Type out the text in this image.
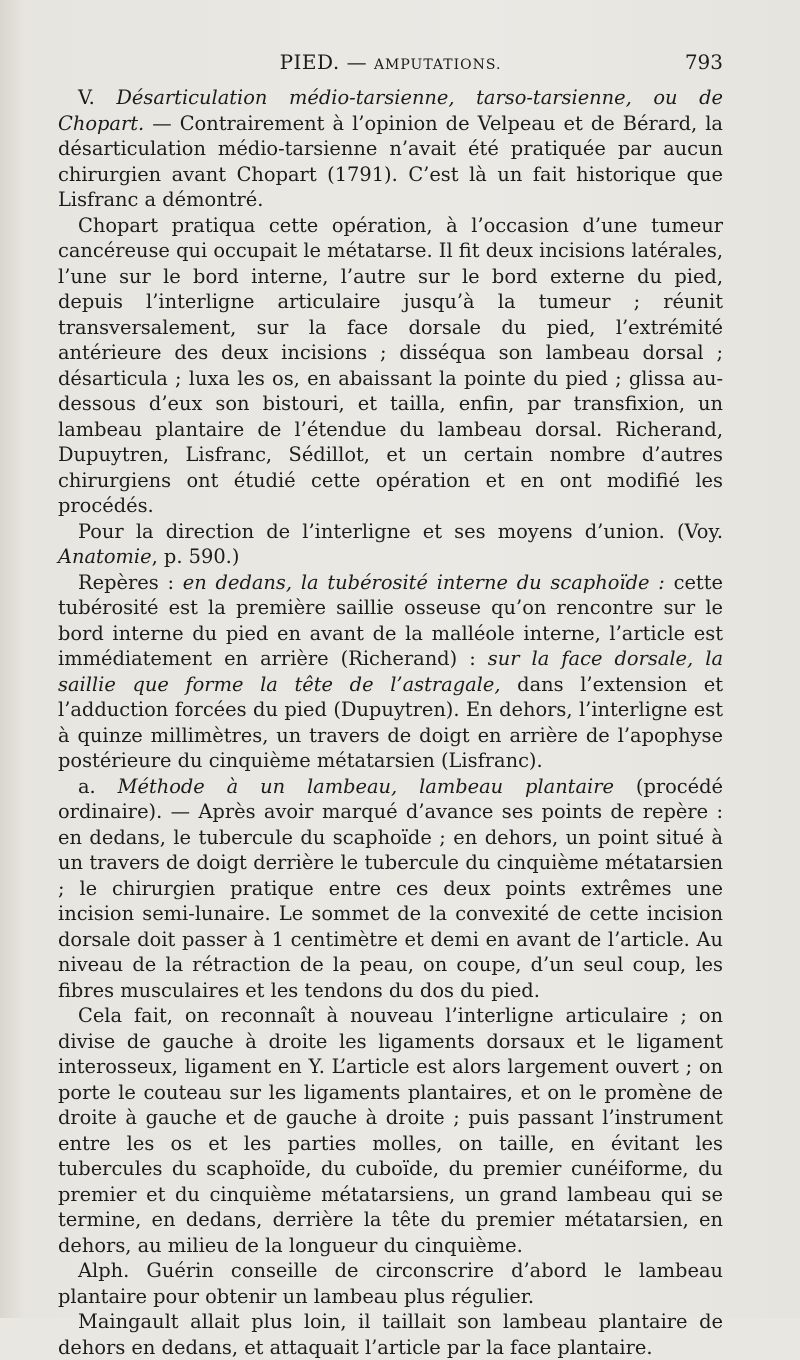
PIED. — AMPUTATIONS.	793

V. Désarticulation médio-tarsienne, tarso-tarsienne, ou de Chopart. — Contrairement à l’opinion de Velpeau et de Bérard, la désarticulation médio-tarsienne n’avait été pratiquée par aucun chirurgien avant Chopart (1791). C’est là un fait historique que Lisfranc a démontré.

Chopart pratiqua cette opération, à l’occasion d’une tumeur cancéreuse qui occupait le métatarse. Il fit deux incisions latérales, l’une sur le bord interne, l’autre sur le bord externe du pied, depuis l’interligne articulaire jusqu’à la tumeur ; réunit transversalement, sur la face dorsale du pied, l’extrémité antérieure des deux incisions ; disséqua son lambeau dorsal ; désarticula ; luxa les os, en abaissant la pointe du pied ; glissa au-dessous d’eux son bistouri, et tailla, enfin, par transfixion, un lambeau plantaire de l’étendue du lambeau dorsal. Richerand, Dupuytren, Lisfranc, Sédillot, et un certain nombre d’autres chirurgiens ont étudié cette opération et en ont modifié les procédés.

Pour la direction de l’interligne et ses moyens d’union. (Voy. Anatomie, p. 590.)

Repères : en dedans, la tubérosité interne du scaphoïde : cette tubérosité est la première saillie osseuse qu’on rencontre sur le bord interne du pied en avant de la malléole interne, l’article est immédiatement en arrière (Richerand) : sur la face dorsale, la saillie que forme la tête de l’astragale, dans l’extension et l’adduction forcées du pied (Dupuytren). En dehors, l’interligne est à quinze millimètres, un travers de doigt en arrière de l’apophyse postérieure du cinquième métatarsien (Lisfranc).

a. Méthode à un lambeau, lambeau plantaire (procédé ordinaire). — Après avoir marqué d’avance ses points de repère : en dedans, le tubercule du scaphoïde ; en dehors, un point situé à un travers de doigt derrière le tubercule du cinquième métatarsien ; le chirurgien pratique entre ces deux points extrêmes une incision semi-lunaire. Le sommet de la convexité de cette incision dorsale doit passer à 1 centimètre et demi en avant de l’article. Au niveau de la rétraction de la peau, on coupe, d’un seul coup, les fibres musculaires et les tendons du dos du pied.

Cela fait, on reconnaît à nouveau l’interligne articulaire ; on divise de gauche à droite les ligaments dorsaux et le ligament interosseux, ligament en Y. L’article est alors largement ouvert ; on porte le couteau sur les ligaments plantaires, et on le promène de droite à gauche et de gauche à droite ; puis passant l’instrument entre les os et les parties molles, on taille, en évitant les tubercules du scaphoïde, du cuboïde, du premier cunéiforme, du premier et du cinquième métatarsiens, un grand lambeau qui se termine, en dedans, derrière la tête du premier métatarsien, en dehors, au milieu de la longueur du cinquième.

Alph. Guérin conseille de circonscrire d’abord le lambeau plantaire pour obtenir un lambeau plus régulier.

Maingault allait plus loin, il taillait son lambeau plantaire de dehors en dedans, et attaquait l’article par la face plantaire.
